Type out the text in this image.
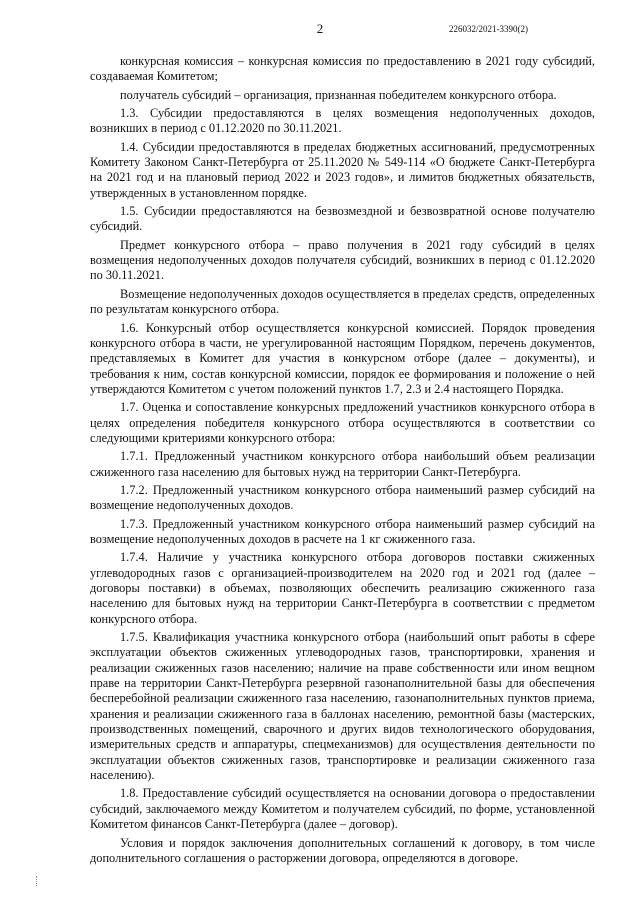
2	226032/2021-3390(2)

конкурсная комиссия – конкурсная комиссия по предоставлению в 2021 году субсидий, создаваемая Комитетом;

получатель субсидий – организация, признанная победителем конкурсного отбора.

1.3. Субсидии предоставляются в целях возмещения недополученных доходов, возникших в период с 01.12.2020 по 30.11.2021.

1.4. Субсидии предоставляются в пределах бюджетных ассигнований, предусмотренных Комитету Законом Санкт-Петербурга от 25.11.2020 № 549-114 «О бюджете Санкт-Петербурга на 2021 год и на плановый период 2022 и 2023 годов», и лимитов бюджетных обязательств, утвержденных в установленном порядке.

1.5. Субсидии предоставляются на безвозмездной и безвозвратной основе получателю субсидий.

Предмет конкурсного отбора – право получения в 2021 году субсидий в целях возмещения недополученных доходов получателя субсидий, возникших в период с 01.12.2020 по 30.11.2021.

Возмещение недополученных доходов осуществляется в пределах средств, определенных по результатам конкурсного отбора.

1.6. Конкурсный отбор осуществляется конкурсной комиссией. Порядок проведения конкурсного отбора в части, не урегулированной настоящим Порядком, перечень документов, представляемых в Комитет для участия в конкурсном отборе (далее – документы), и требования к ним, состав конкурсной комиссии, порядок ее формирования и положение о ней утверждаются Комитетом с учетом положений пунктов 1.7, 2.3 и 2.4 настоящего Порядка.

1.7. Оценка и сопоставление конкурсных предложений участников конкурсного отбора в целях определения победителя конкурсного отбора осуществляются в соответствии со следующими критериями конкурсного отбора:

1.7.1. Предложенный участником конкурсного отбора наибольший объем реализации сжиженного газа населению для бытовых нужд на территории Санкт-Петербурга.

1.7.2. Предложенный участником конкурсного отбора наименьший размер субсидий на возмещение недополученных доходов.

1.7.3. Предложенный участником конкурсного отбора наименьший размер субсидий на возмещение недополученных доходов в расчете на 1 кг сжиженного газа.

1.7.4. Наличие у участника конкурсного отбора договоров поставки сжиженных углеводородных газов с организацией-производителем на 2020 год и 2021 год (далее – договоры поставки) в объемах, позволяющих обеспечить реализацию сжиженного газа населению для бытовых нужд на территории Санкт-Петербурга в соответствии с предметом конкурсного отбора.

1.7.5. Квалификация участника конкурсного отбора (наибольший опыт работы в сфере эксплуатации объектов сжиженных углеводородных газов, транспортировки, хранения и реализации сжиженных газов населению; наличие на праве собственности или ином вещном праве на территории Санкт-Петербурга резервной газонаполнительной базы для обеспечения бесперебойной реализации сжиженного газа населению, газонаполнительных пунктов приема, хранения и реализации сжиженного газа в баллонах населению, ремонтной базы (мастерских, производственных помещений, сварочного и других видов технологического оборудования, измерительных средств и аппаратуры, спецмеханизмов) для осуществления деятельности по эксплуатации объектов сжиженных газов, транспортировке и реализации сжиженного газа населению).

1.8. Предоставление субсидий осуществляется на основании договора о предоставлении субсидий, заключаемого между Комитетом и получателем субсидий, по форме, установленной Комитетом финансов Санкт-Петербурга (далее – договор).

Условия и порядок заключения дополнительных соглашений к договору, в том числе дополнительного соглашения о расторжении договора, определяются в договоре.
